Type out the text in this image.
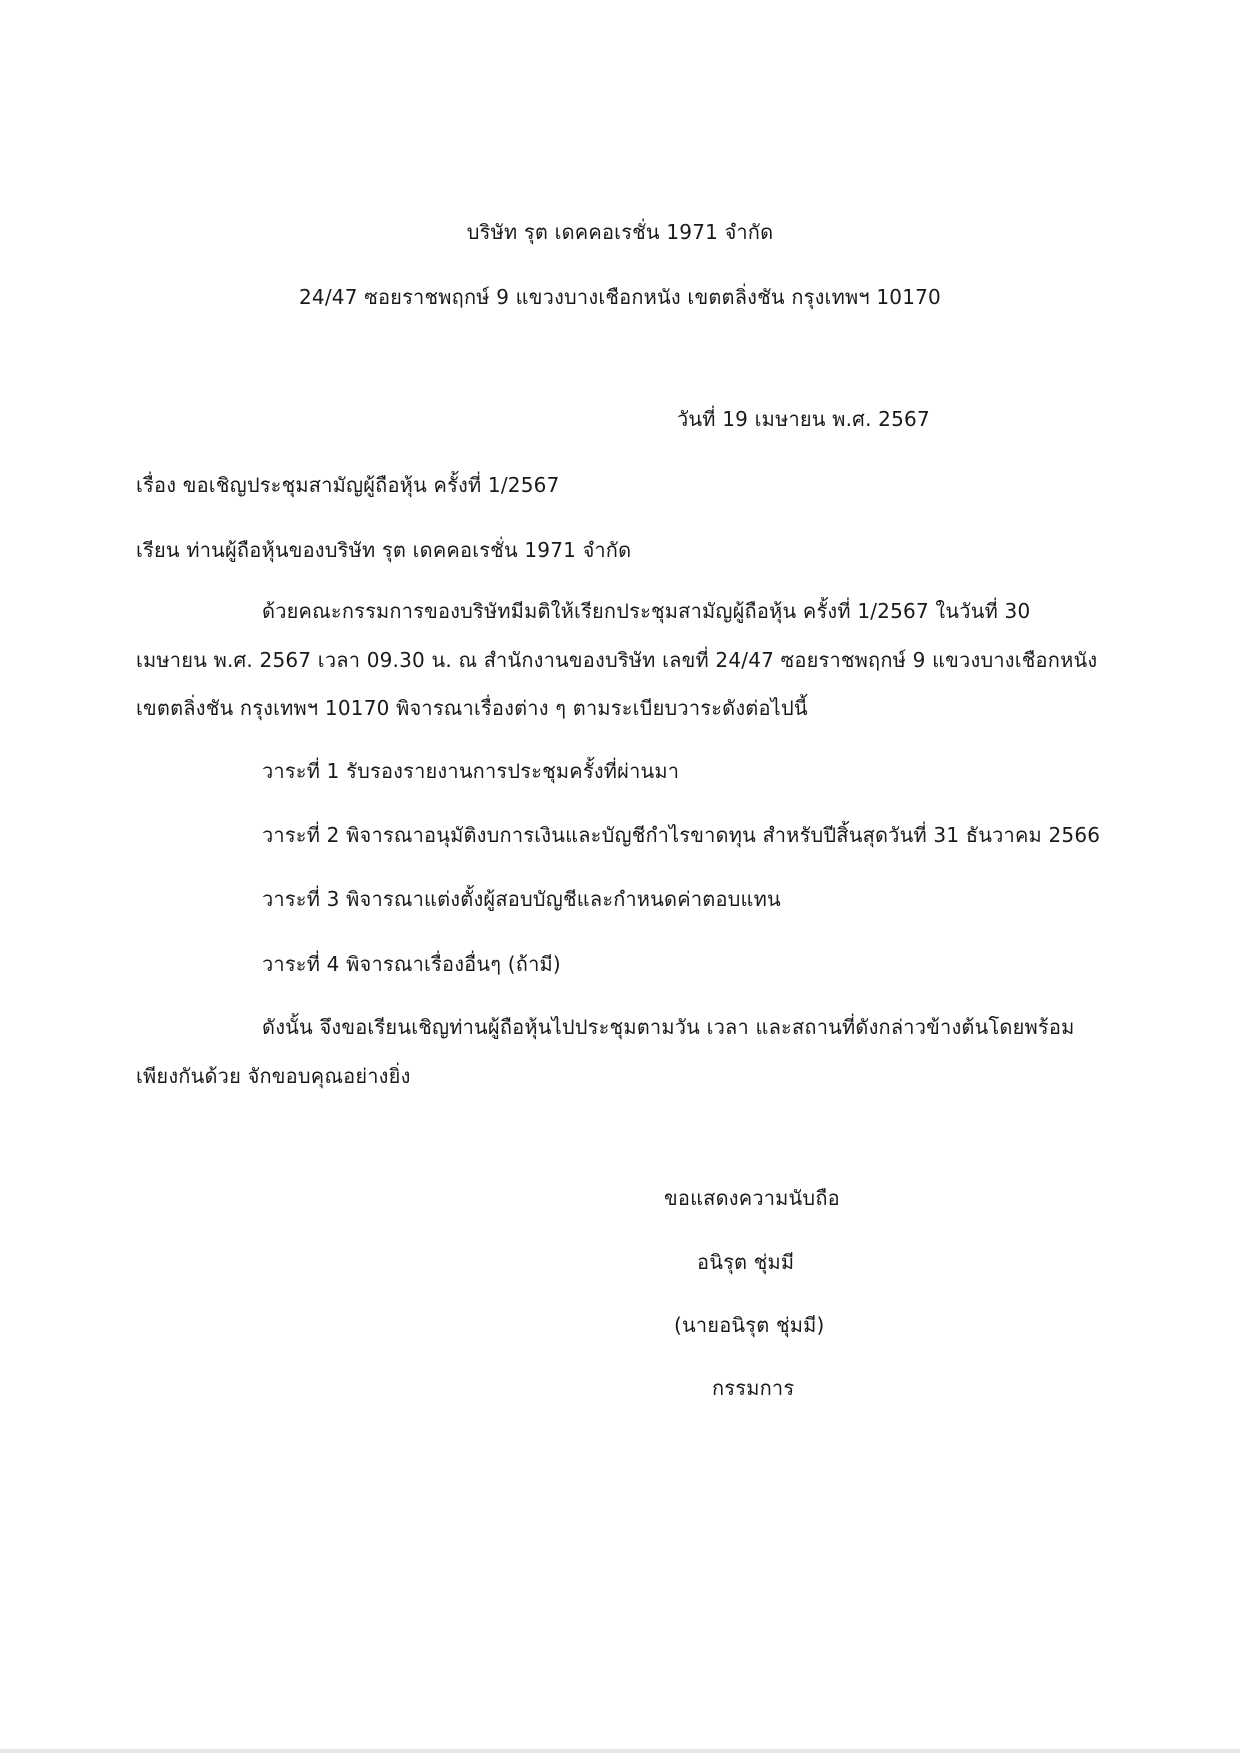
บริษัท รุต เดคคอเรชั่น 1971 จำกัด
24/47 ซอยราชพฤกษ์ 9 แขวงบางเชือกหนัง เขตตลิ่งชัน กรุงเทพฯ 10170
วันที่ 19 เมษายน พ.ศ. 2567
เรื่อง ขอเชิญประชุมสามัญผู้ถือหุ้น ครั้งที่ 1/2567
เรียน ท่านผู้ถือหุ้นของบริษัท รุต เดคคอเรชั่น 1971 จำกัด
ด้วยคณะกรรมการของบริษัทมีมติให้เรียกประชุมสามัญผู้ถือหุ้น ครั้งที่ 1/2567 ในวันที่ 30
เมษายน พ.ศ. 2567 เวลา 09.30 น. ณ สำนักงานของบริษัท เลขที่ 24/47 ซอยราชพฤกษ์ 9 แขวงบางเชือกหนัง
เขตตลิ่งชัน กรุงเทพฯ 10170 พิจารณาเรื่องต่าง ๆ ตามระเบียบวาระดังต่อไปนี้
วาระที่ 1 รับรองรายงานการประชุมครั้งที่ผ่านมา
วาระที่ 2 พิจารณาอนุมัติงบการเงินและบัญชีกำไรขาดทุน สำหรับปีสิ้นสุดวันที่ 31 ธันวาคม 2566
วาระที่ 3 พิจารณาแต่งตั้งผู้สอบบัญชีและกำหนดค่าตอบแทน
วาระที่ 4 พิจารณาเรื่องอื่นๆ (ถ้ามี)
ดังนั้น จึงขอเรียนเชิญท่านผู้ถือหุ้นไปประชุมตามวัน เวลา และสถานที่ดังกล่าวข้างต้นโดยพร้อม
เพียงกันด้วย จักขอบคุณอย่างยิ่ง
ขอแสดงความนับถือ
อนิรุต ชุ่มมี
(นายอนิรุต ชุ่มมี)
กรรมการ
